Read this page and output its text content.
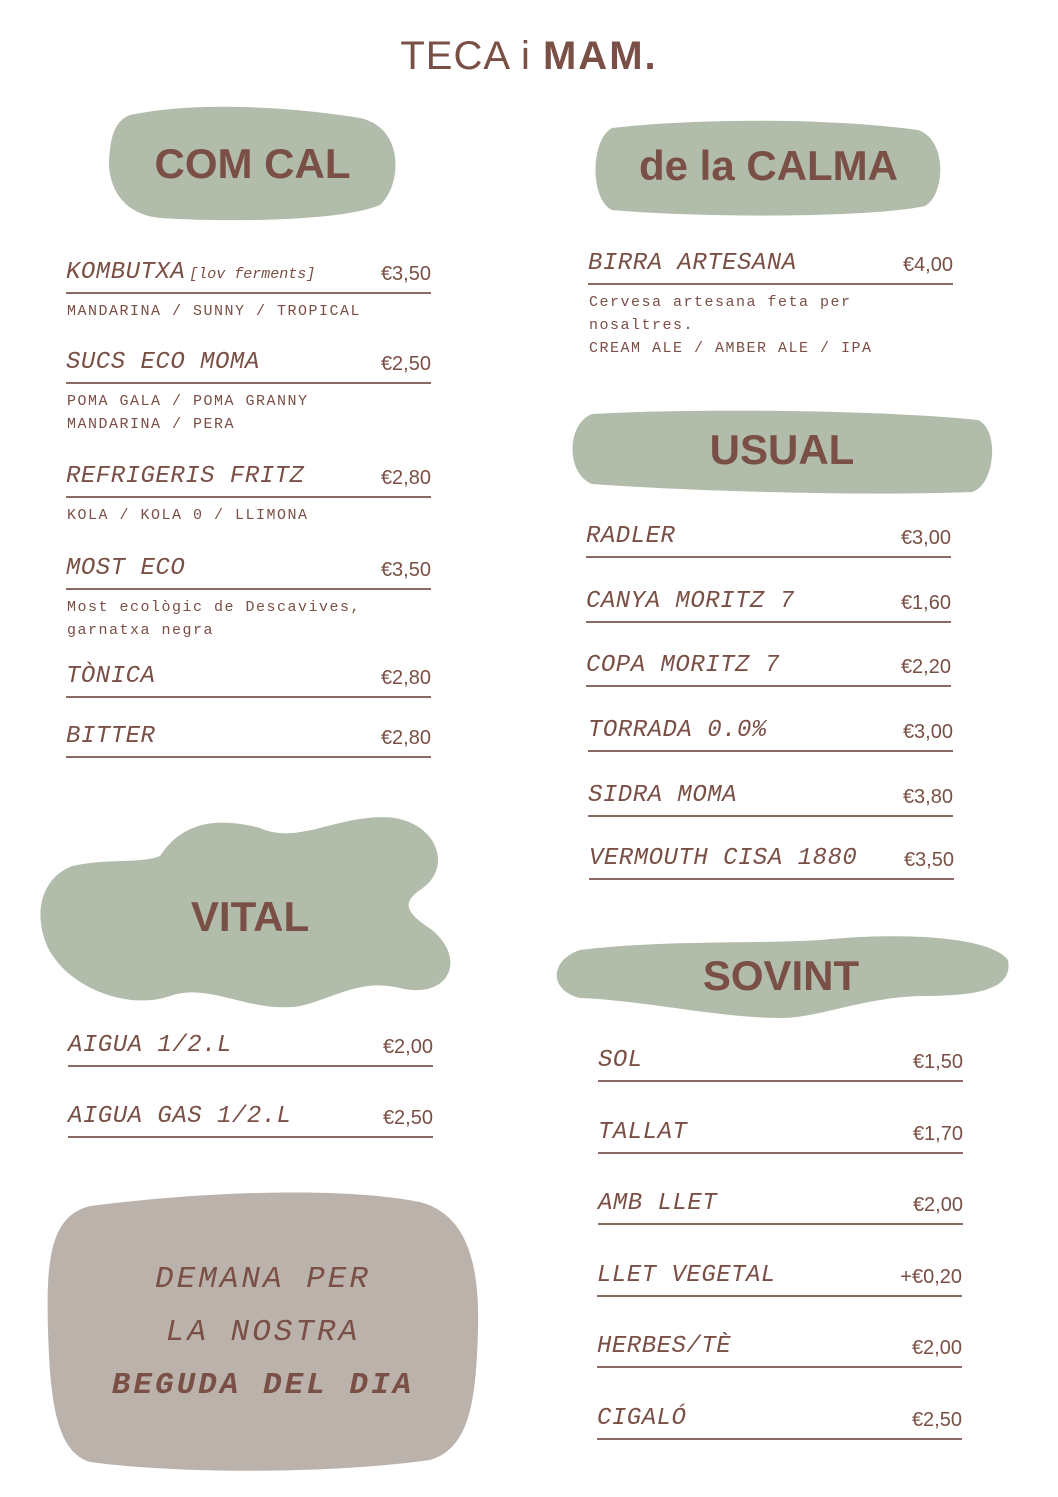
TECA i MAM.
COM CAL
KOMBUTXA [lov ferments]	€3,50
MANDARINA / SUNNY / TROPICAL
SUCS ECO MOMA	€2,50
POMA GALA / POMA GRANNY
MANDARINA / PERA
REFRIGERIS FRITZ	€2,80
KOLA / KOLA 0 / LLIMONA
MOST ECO	€3,50
Most ecològic de Descavives,
garnatxa negra
TÒNICA	€2,80
BITTER	€2,80
de la CALMA
BIRRA ARTESANA	€4,00
Cervesa artesana feta per
nosaltres.
CREAM ALE / AMBER ALE / IPA
USUAL
RADLER	€3,00
CANYA MORITZ 7	€1,60
COPA MORITZ 7	€2,20
TORRADA 0.0%	€3,00
SIDRA MOMA	€3,80
VERMOUTH CISA 1880 €3,50
VITAL
AIGUA 1/2.L	€2,00
AIGUA GAS 1/2.L	€2,50
SOVINT
SOL	€1,50
TALLAT	€1,70
AMB LLET	€2,00
LLET VEGETAL	+€0,20
HERBES/TÈ	€2,00
CIGALÓ	€2,50
DEMANA PER
LA NOSTRA
BEGUDA DEL DIA
